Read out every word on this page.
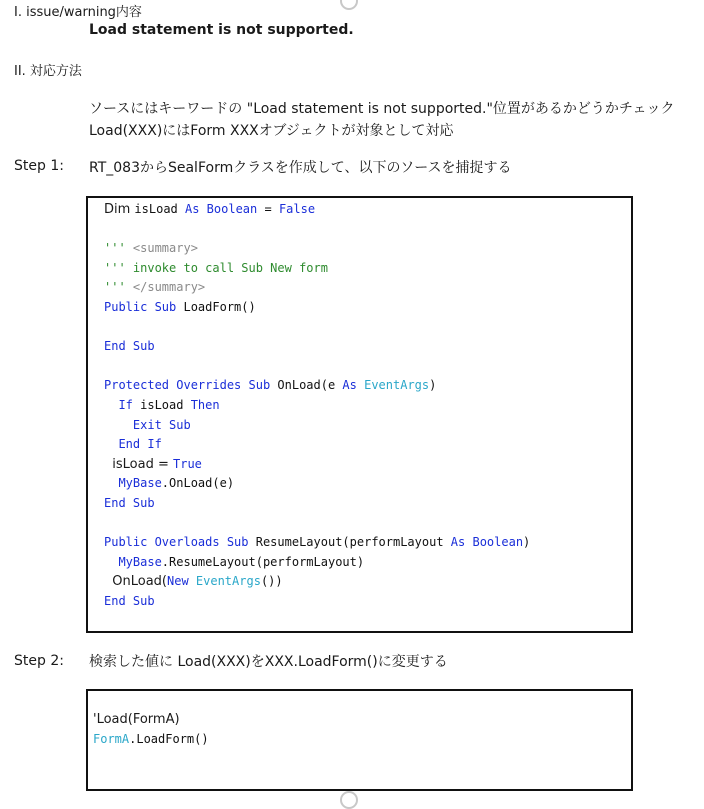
I. issue/warning内容
Load statement is not supported.
II. 対応方法
ソースにはキーワードの "Load statement is not supported."位置があるかどうかチェック
Load(XXX)にはForm XXXオブジェクトが対象として対応
Step 1: RT_083からSealFormクラスを作成して、以下のソースを捕捉する
Dim isLoad As Boolean = False

''' <summary>
''' invoke to call Sub New form
''' </summary>
Public Sub LoadForm()

End Sub

Protected Overrides Sub OnLoad(e As EventArgs)
If isLoad Then
Exit Sub
End If
isLoad = True
MyBase.OnLoad(e)
End Sub

Public Overloads Sub ResumeLayout(performLayout As Boolean)
MyBase.ResumeLayout(performLayout)
OnLoad(New EventArgs())
End Sub
Step 2: 検索した値に Load(XXX)をXXX.LoadForm()に変更する
'Load(FormA)
FormA.LoadForm()
